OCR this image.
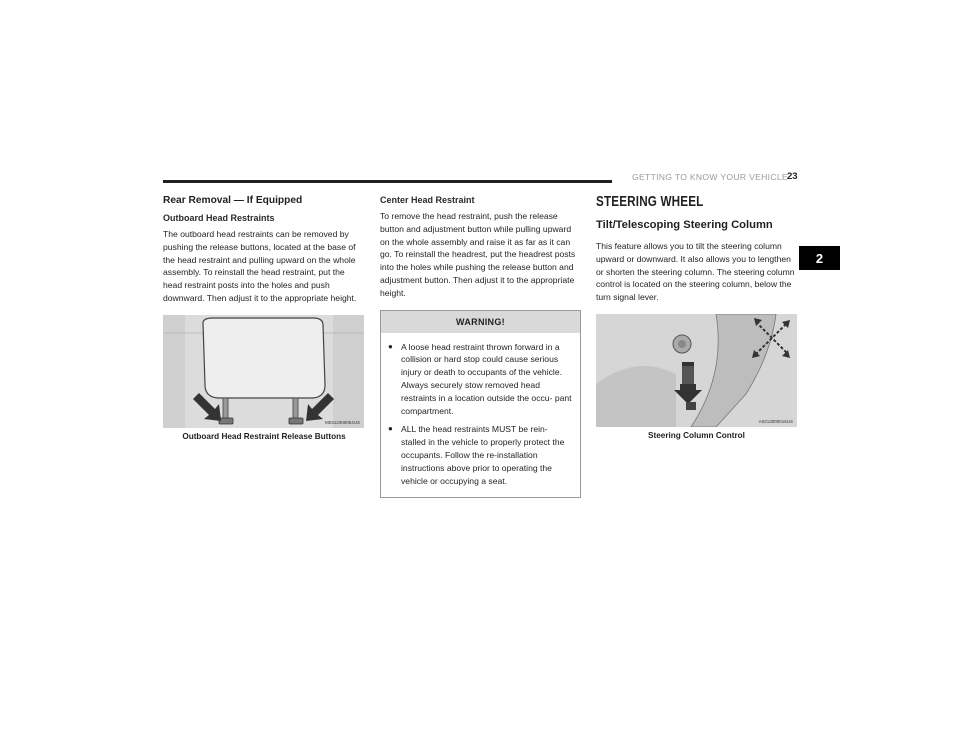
GETTING TO KNOW YOUR VEHICLE 23
2
Rear Removal — If Equipped
Outboard Head Restraints

The outboard head restraints can be removed by pushing the release buttons, located at the base of the head restraint and pulling upward on the whole assembly. To reinstall the head restraint, put the head restraint posts into the holes and push downward. Then adjust it to the appropriate height.

M0312000054US
Outboard Head Restraint Release Buttons
Center Head Restraint

To remove the head restraint, push the release button and adjustment button while pulling upward on the whole assembly and raise it as far as it can go. To reinstall the headrest, put the headrest posts into the holes while pushing the release button and adjustment button. Then adjust it to the appropriate height.

WARNING!
● A loose head restraint thrown forward in a collision or hard stop could cause serious injury or death to occupants of the vehicle. Always securely stow removed head restraints in a location outside the occu- pant compartment.
● ALL the head restraints MUST be rein- stalled in the vehicle to properly protect the occupants. Follow the re-installation instructions above prior to operating the vehicle or occupying a seat.
STEERING WHEEL
Tilt/Telescoping Steering Column

This feature allows you to tilt the steering column upward or downward. It also allows you to lengthen or shorten the steering column. The steering column control is located on the steering column, below the turn signal lever.

A0213000016US
Steering Column Control
